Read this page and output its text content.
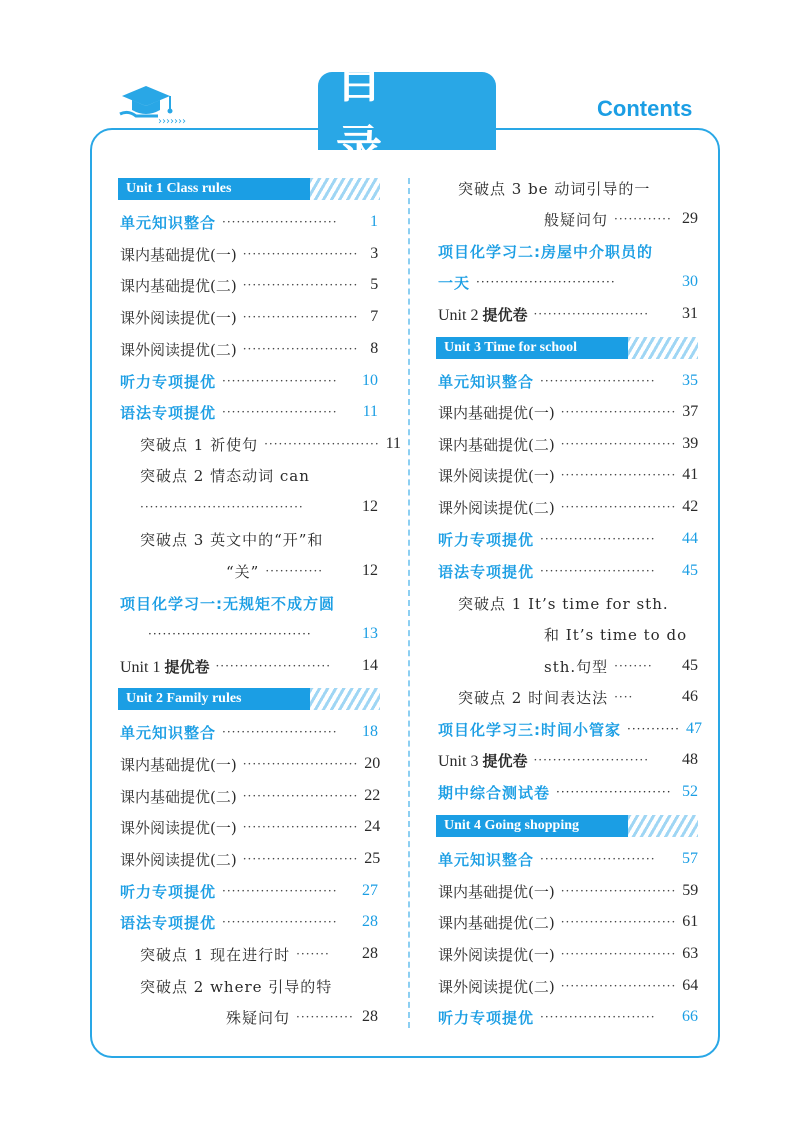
›››››››
目 录
Contents
Unit 1 Class rules
单元知识整合 ························	1
课内基础提优(一) ························ 3
课内基础提优(二) ························ 5
课外阅读提优(一) ························ 7
课外阅读提优(二) ························ 8
听力专项提优 ························	10
语法专项提优 ························	11
突破点 1 祈使句 ························ 11
突破点 2 情态动词 can
··································	12
突破点 3 英文中的“开”和
“关” ············	12
项目化学习一:无规矩不成方圆
··································	13
Unit 1 提优卷 ························	14
Unit 2 Family rules
单元知识整合 ························	18
课内基础提优(一) ························ 20
课内基础提优(二) ························ 22
课外阅读提优(一) ························ 24
课外阅读提优(二) ························ 25
听力专项提优 ························	27
语法专项提优 ························	28
突破点 1 现在进行时 ·······	28
突破点 2 where 引导的特
殊疑问句 ············ 28
突破点 3 be 动词引导的一
般疑问句 ············ 29
项目化学习二:房屋中介职员的
一天 ·····························	30
Unit 2 提优卷 ························	31
Unit 3 Time for school
单元知识整合 ························	35
课内基础提优(一) ························ 37
课内基础提优(二) ························ 39
课外阅读提优(一) ························ 41
课外阅读提优(二) ························ 42
听力专项提优 ························	44
语法专项提优 ························	45
突破点 1 It’s time for sth.
和 It’s time to do
sth.句型 ········	45
突破点 2 时间表达法 ····	46
项目化学习三:时间小管家 ··········· 47
Unit 3 提优卷 ························	48
期中综合测试卷 ························ 52
Unit 4 Going shopping
单元知识整合 ························	57
课内基础提优(一) ························ 59
课内基础提优(二) ························ 61
课外阅读提优(一) ························ 63
课外阅读提优(二) ························ 64
听力专项提优 ························	66
